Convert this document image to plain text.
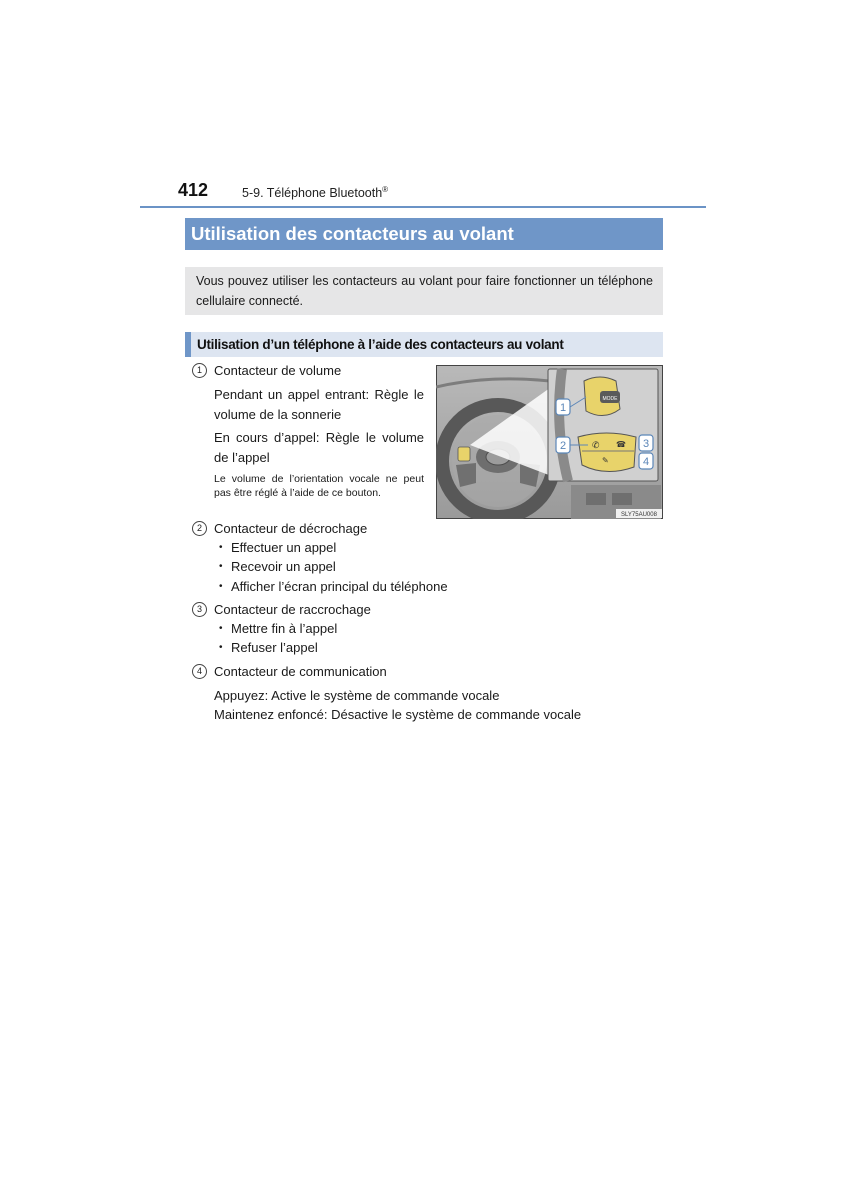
412	5-9. Téléphone Bluetooth®
Utilisation des contacteurs au volant
Vous pouvez utiliser les contacteurs au volant pour faire fonctionner un téléphone cellulaire connecté.
Utilisation d’un téléphone à l’aide des contacteurs au volant
1 Contacteur de volume
Pendant un appel entrant: Règle le volume de la sonnerie
En cours d’appel: Règle le volume de l’appel
Le volume de l’orientation vocale ne peut pas être réglé à l’aide de ce bouton.
2 Contacteur de décrochage
• Effectuer un appel
• Recevoir un appel
• Afficher l’écran principal du téléphone
3 Contacteur de raccrochage
• Mettre fin à l’appel
• Refuser l’appel
4 Contacteur de communication
Appuyez: Active le système de commande vocale
Maintenez enfoncé: Désactive le système de commande vocale
MODE
✆ ☎
✎
1
2	3
4
SLY75AU008
